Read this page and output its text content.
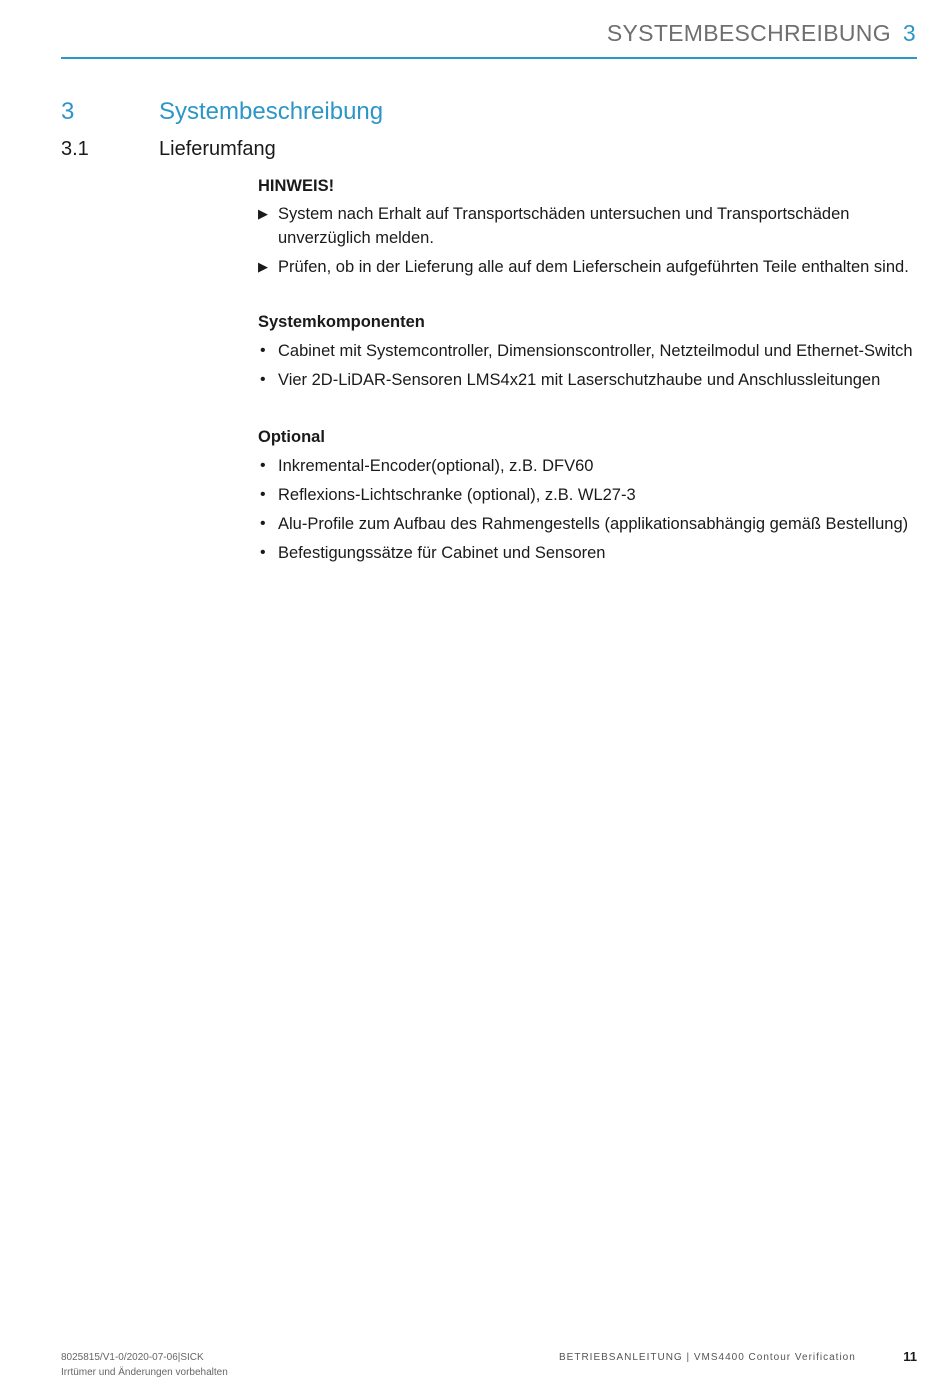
SYSTEMBESCHREIBUNG 3
3	Systembeschreibung
3.1	Lieferumfang

HINWEIS!

▶ System nach Erhalt auf Transportschäden untersuchen und Transportschäden unverzüglich melden.

▶ Prüfen, ob in der Lieferung alle auf dem Lieferschein aufgeführten Teile enthalten sind.

Systemkomponenten

• Cabinet mit Systemcontroller, Dimensionscontroller, Netzteilmodul und Ethernet-Switch

• Vier 2D-LiDAR-Sensoren LMS4x21 mit Laserschutzhaube und Anschlussleitungen

Optional

• Inkremental-Encoder(optional), z.B. DFV60

• Reflexions-Lichtschranke (optional), z.B. WL27-3

• Alu-Profile zum Aufbau des Rahmengestells (applikationsabhängig gemäß Bestellung)

• Befestigungssätze für Cabinet und Sensoren

8025815/V1-0/2020-07-06|SICK
Irrtümer und Änderungen vorbehalten
BETRIEBSANLEITUNG | VMS4400 Contour Verification	11
